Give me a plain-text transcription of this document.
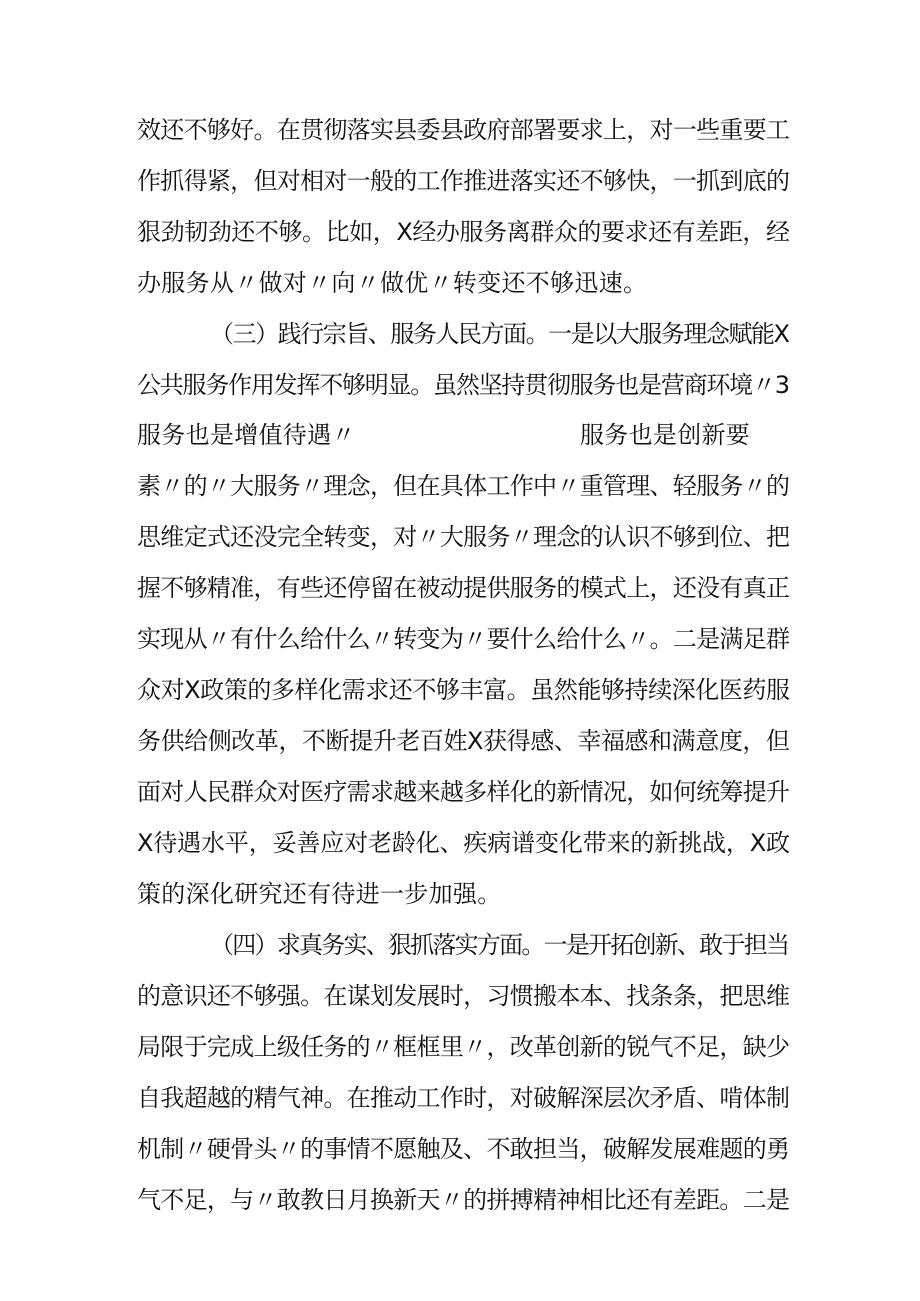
效还不够好。在贯彻落实县委县政府部署要求上，对一些重要工
作抓得紧，但对相对一般的工作推进落实还不够快，一抓到底的
狠劲韧劲还不够。比如，X经办服务离群众的要求还有差距，经
办服务从〃做对〃向〃做优〃转变还不够迅速。
（三）践行宗旨、服务人民方面。一是以大服务理念赋能X
公共服务作用发挥不够明显。虽然坚持贯彻服务也是营商环境〃3
服务也是增值待遇〃	服务也是创新要
素〃的〃大服务〃理念，但在具体工作中〃重管理、轻服务〃的
思维定式还没完全转变，对〃大服务〃理念的认识不够到位、把
握不够精准，有些还停留在被动提供服务的模式上，还没有真正
实现从〃有什么给什么〃转变为〃要什么给什么〃。二是满足群
众对X政策的多样化需求还不够丰富。虽然能够持续深化医药服
务供给侧改革，不断提升老百姓X获得感、幸福感和满意度，但
面对人民群众对医疗需求越来越多样化的新情况，如何统筹提升
X待遇水平，妥善应对老龄化、疾病谱变化带来的新挑战，X政
策的深化研究还有待进一步加强。
（四）求真务实、狠抓落实方面。一是开拓创新、敢于担当
的意识还不够强。在谋划发展时，习惯搬本本、找条条，把思维
局限于完成上级任务的〃框框里〃，改革创新的锐气不足，缺少
自我超越的精气神。在推动工作时，对破解深层次矛盾、啃体制
机制〃硬骨头〃的事情不愿触及、不敢担当，破解发展难题的勇
气不足，与〃敢教日月换新天〃的拼搏精神相比还有差距。二是
